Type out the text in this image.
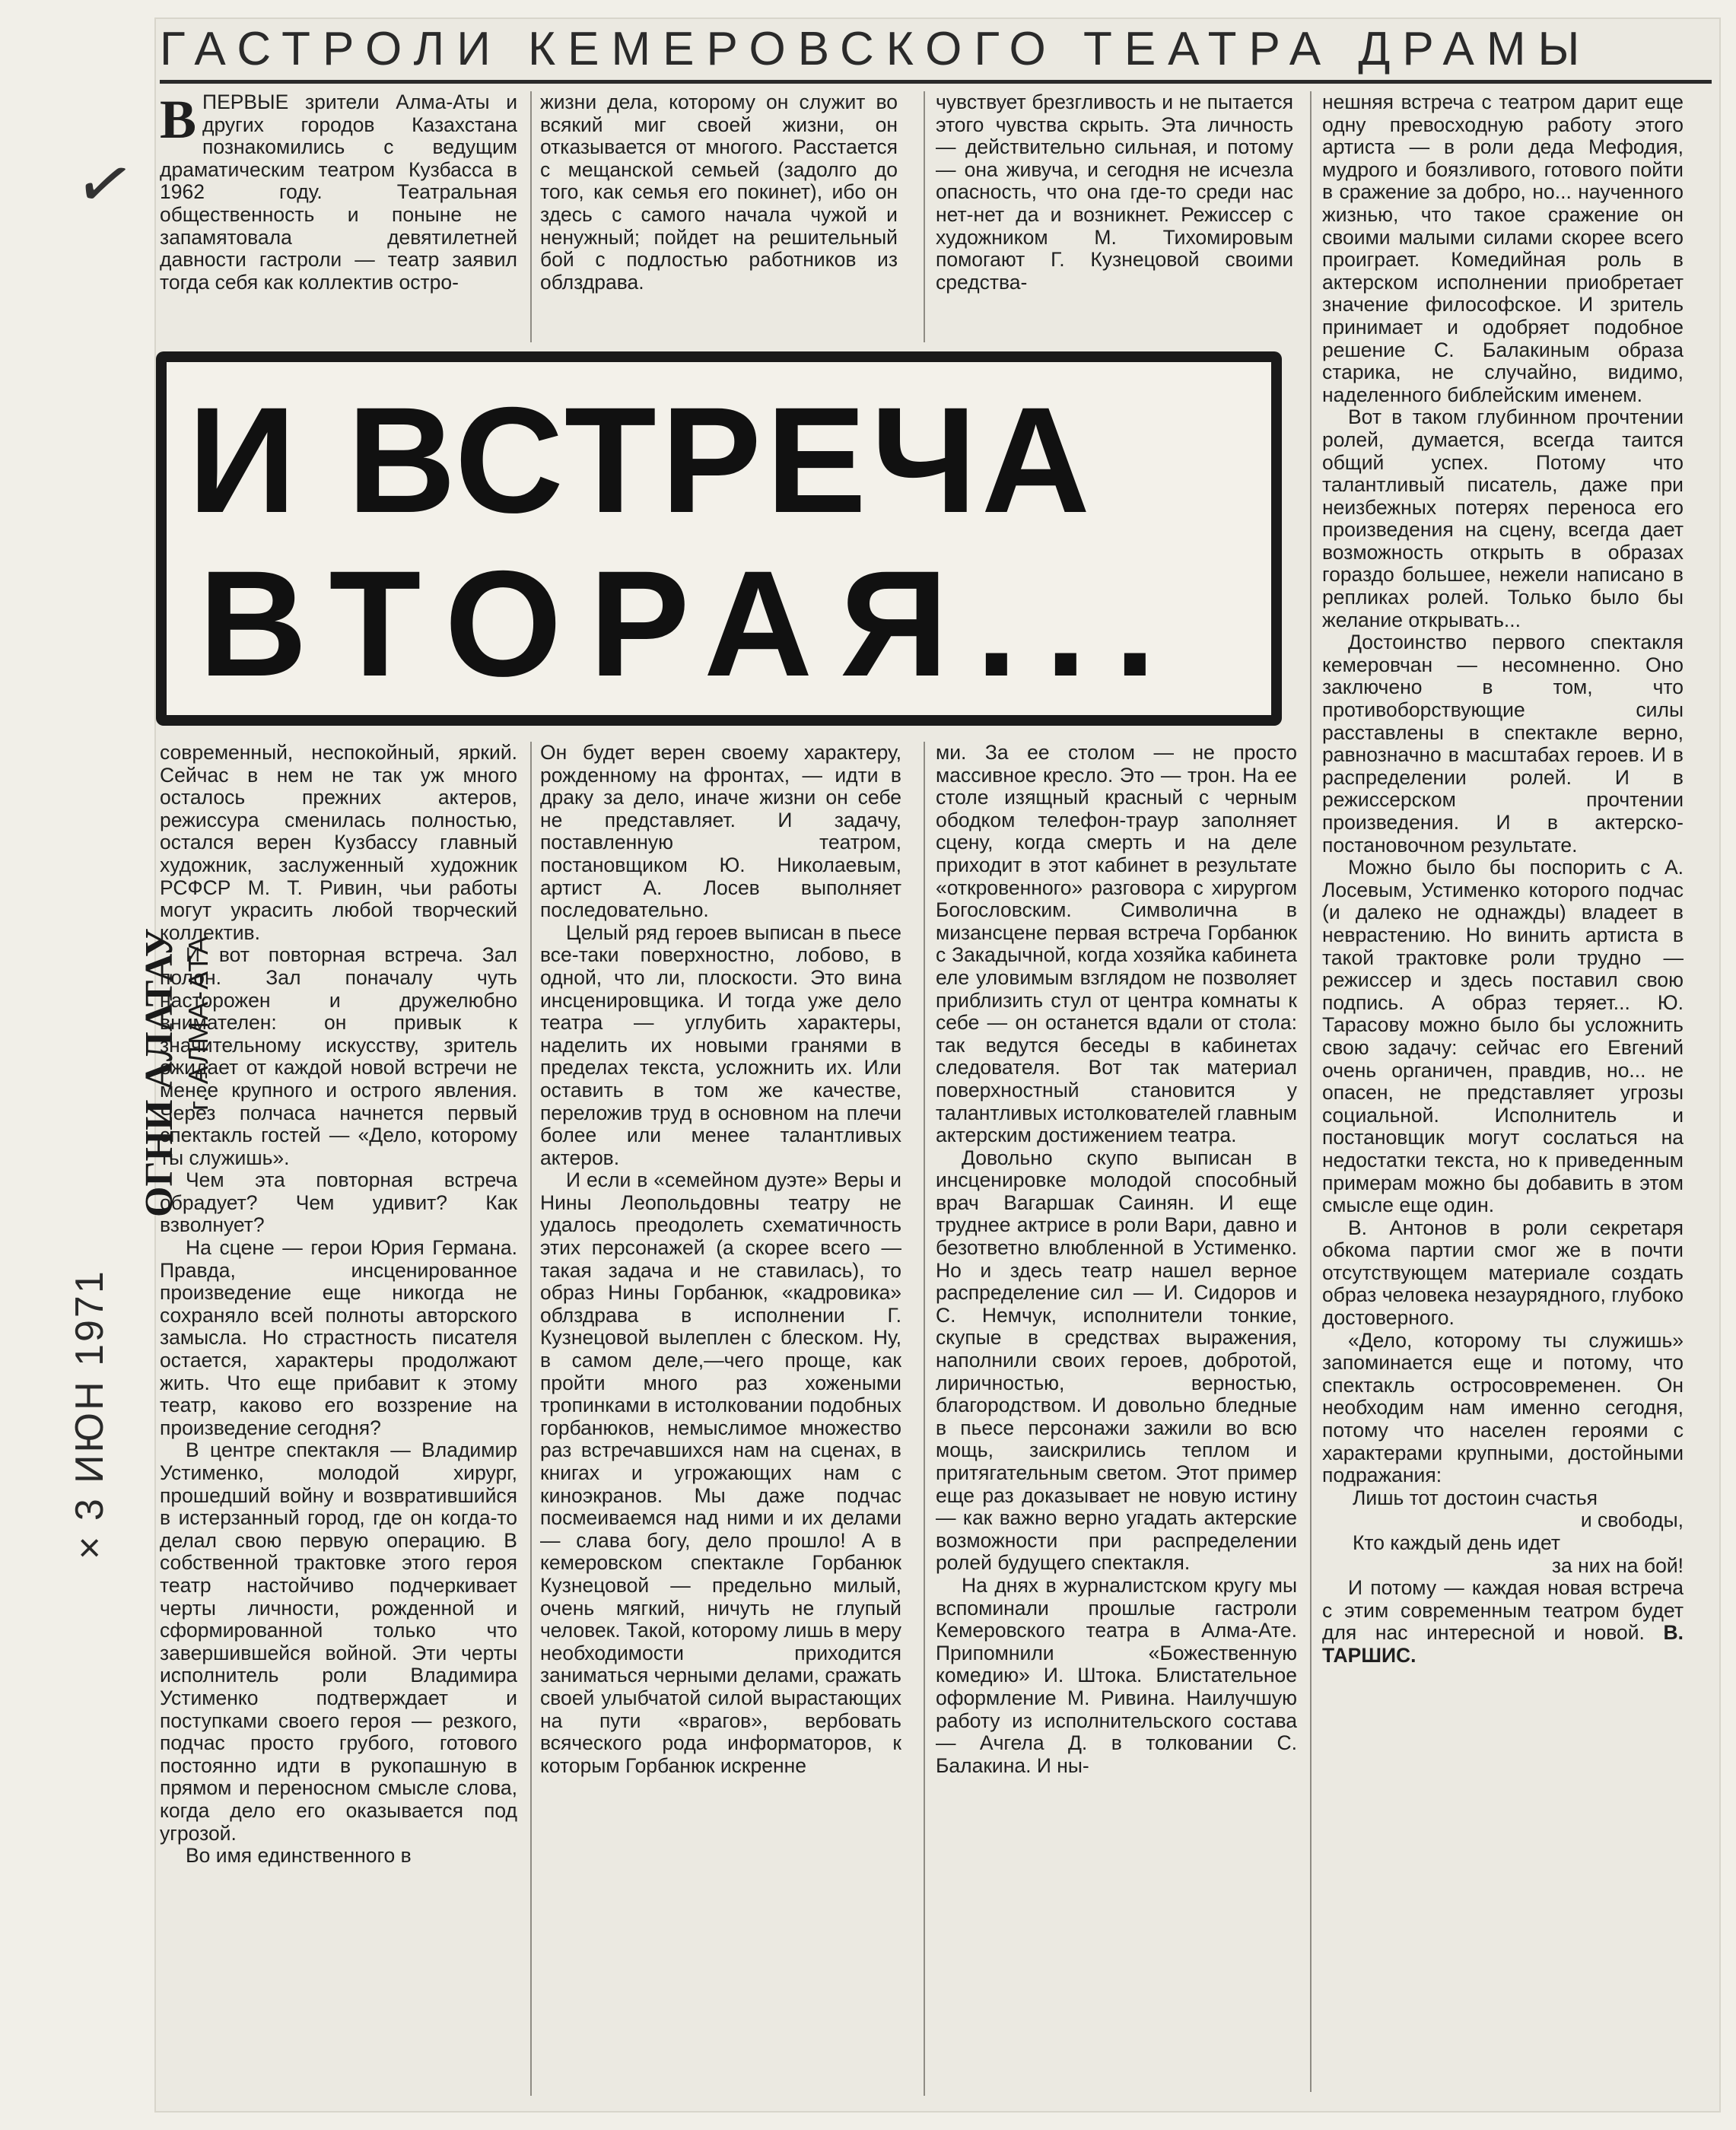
✓
ГАСТРОЛИ КЕМЕРОВСКОГО ТЕАТРА ДРАМЫ

ВПЕРВЫЕ зрители Алма-Аты и других городов Казахстана познакомились с ведущим драматическим театром Кузбасса в 1962 году. Театральная общественность и поныне не запамятовала девятилетней давности гастроли — театр заявил тогда себя как коллектив остро-

жизни дела, которому он служит во всякий миг своей жизни, он отказывается от многого. Расстается с мещанской семьей (задолго до того, как семья его покинет), ибо он здесь с самого начала чужой и ненужный; пойдет на решительный бой с подлостью работников из облздрава.

чувствует брезгливость и не пытается этого чувства скрыть. Эта личность — действительно сильная, и потому — она живуча, и сегодня не исчезла опасность, что она где-то среди нас нет-нет да и возникнет. Режиссер с художником М. Тихомировым помогают Г. Кузнецовой своими средства-

И ВСТРЕЧА
ВТОРАЯ...

нешняя встреча с театром дарит еще одну превосходную работу этого артиста — в роли деда Мефодия, мудрого и боязливого, готового пойти в сражение за добро, но... наученного жизнью, что такое сражение он своими малыми силами скорее всего проиграет. Комедийная роль в актерском исполнении приобретает значение философское. И зритель принимает и одобряет подобное решение С. Балакиным образа старика, не случайно, видимо, наделенного библейским именем.

Вот в таком глубинном прочтении ролей, думается, всегда таится общий успех. Потому что талантливый писатель, даже при неизбежных потерях переноса его произведения на сцену, всегда дает возможность открыть в образах гораздо большее, нежели написано в репликах ролей. Только было бы желание открывать...

Достоинство первого спектакля кемеровчан — несомненно. Оно заключено в том, что противоборствующие силы расставлены в спектакле верно, равнозначно в масштабах героев. И в распределении ролей. И в режиссерском прочтении произведения. И в актерско-постановочном результате.

Можно было бы поспорить с А. Лосевым, Устименко которого подчас (и далеко не однажды) владеет в неврастению. Но винить артиста в такой трактовке роли трудно — режиссер и здесь поставил свою подпись. А образ теряет... Ю. Тарасову можно было бы усложнить свою задачу: сейчас его Евгений очень органичен, правдив, но... не опасен, не представляет угрозы социальной. Исполнитель и постановщик могут сослаться на недостатки текста, но к приведенным примерам можно бы добавить в этом смысле еще один.

В. Антонов в роли секретаря обкома партии смог же в почти отсутствующем материале создать образ человека незаурядного, глубоко достоверного.

«Дело, которому ты служишь» запоминается еще и потому, что спектакль остросовременен. Он необходим нам именно сегодня, потому что населен героями с характерами крупными, достойными подражания:

Лишь тот достоин счастья

и свободы,

Кто каждый день идет

за них на бой!

И потому — каждая новая встреча с этим современным театром будет для нас интересной и новой. В. ТАРШИС.

современный, неспокойный, яркий. Сейчас в нем не так уж много осталось прежних актеров, режиссура сменилась полностью, остался верен Кузбассу главный художник, заслуженный художник РСФСР М. Т. Ривин, чьи работы могут украсить любой творческий коллектив.

И вот повторная встреча. Зал полон. Зал поначалу чуть насторожен и дружелюбно внимателен: он привык к значительному искусству, зритель ожидает от каждой новой встречи не менее крупного и острого явления. Через полчаса начнется первый спектакль гостей — «Дело, которому ты служишь».

Чем эта повторная встреча обрадует? Чем удивит? Как взволнует?

На сцене — герои Юрия Германа. Правда, инсценированное произведение еще никогда не сохраняло всей полноты авторского замысла. Но страстность писателя остается, характеры продолжают жить. Что еще прибавит к этому театр, каково его воззрение на произведение сегодня?

В центре спектакля — Владимир Устименко, молодой хирург, прошедший войну и возвратившийся в истерзанный город, где он когда-то делал свою первую операцию. В собственной трактовке этого героя театр настойчиво подчеркивает черты личности, рожденной и сформированной только что завершившейся войной. Эти черты исполнитель роли Владимира Устименко подтверждает и поступками своего героя — резкого, подчас просто грубого, готового постоянно идти в рукопашную в прямом и переносном смысле слова, когда дело его оказывается под угрозой.

Во имя единственного в

Он будет верен своему характеру, рожденному на фронтах, — идти в драку за дело, иначе жизни он себе не представляет. И задачу, поставленную театром, постановщиком Ю. Николаевым, артист А. Лосев выполняет последовательно.

Целый ряд героев выписан в пьесе все-таки поверхностно, лобово, в одной, что ли, плоскости. Это вина инсценировщика. И тогда уже дело театра — углубить характеры, наделить их новыми гранями в пределах текста, усложнить их. Или оставить в том же качестве, переложив труд в основном на плечи более или менее талантливых актеров.

И если в «семейном дуэте» Веры и Нины Леопольдовны театру не удалось преодолеть схематичность этих персонажей (а скорее всего — такая задача и не ставилась), то образ Нины Горбанюк, «кадровика» облздрава в исполнении Г. Кузнецовой вылеплен с блеском. Ну, в самом деле,—чего проще, как пройти много раз хожеными тропинками в истолковании подобных горбанюков, немыслимое множество раз встречавшихся нам на сценах, в книгах и угрожающих нам с киноэкранов. Мы даже подчас посмеиваемся над ними и их делами — слава богу, дело прошло! А в кемеровском спектакле Горбанюк Кузнецовой — предельно милый, очень мягкий, ничуть не глупый человек. Такой, которому лишь в меру необходимости приходится заниматься черными делами, сражать своей улыбчатой силой вырастающих на пути «врагов», вербовать всяческого рода информаторов, к которым Горбанюк искренне

ми. За ее столом — не просто массивное кресло. Это — трон. На ее столе изящный красный с черным ободком телефон-траур заполняет сцену, когда смерть и на деле приходит в этот кабинет в результате «откровенного» разговора с хирургом Богословским. Символична в мизансцене первая встреча Горбанюк с Закадычной, когда хозяйка кабинета еле уловимым взглядом не позволяет приблизить стул от центра комнаты к себе — он останется вдали от стола: так ведутся беседы в кабинетах следователя. Вот так материал поверхностный становится у талантливых истолкователей главным актерским достижением театра.

Довольно скупо выписан в инсценировке молодой способный врач Вагаршак Саинян. И еще труднее актрисе в роли Вари, давно и безответно влюбленной в Устименко. Но и здесь театр нашел верное распределение сил — И. Сидоров и С. Немчук, исполнители тонкие, скупые в средствах выражения, наполнили своих героев, добротой, лиричностью, верностью, благородством. И довольно бледные в пьесе персонажи зажили во всю мощь, заискрились теплом и притягательным светом. Этот пример еще раз доказывает не новую истину — как важно верно угадать актерские возможности при распределении ролей будущего спектакля.

На днях в журналистском кругу мы вспоминали прошлые гастроли Кемеровского театра в Алма-Ате. Припомнили «Божественную комедию» И. Штока. Блистательное оформление М. Ривина. Наилучшую работу из исполнительского состава — Ачгела Д. в толковании С. Балакина. И ны-

ОГНИ АЛАТАУ г. АЛМА-АТА
× 3 ИЮН 1971
